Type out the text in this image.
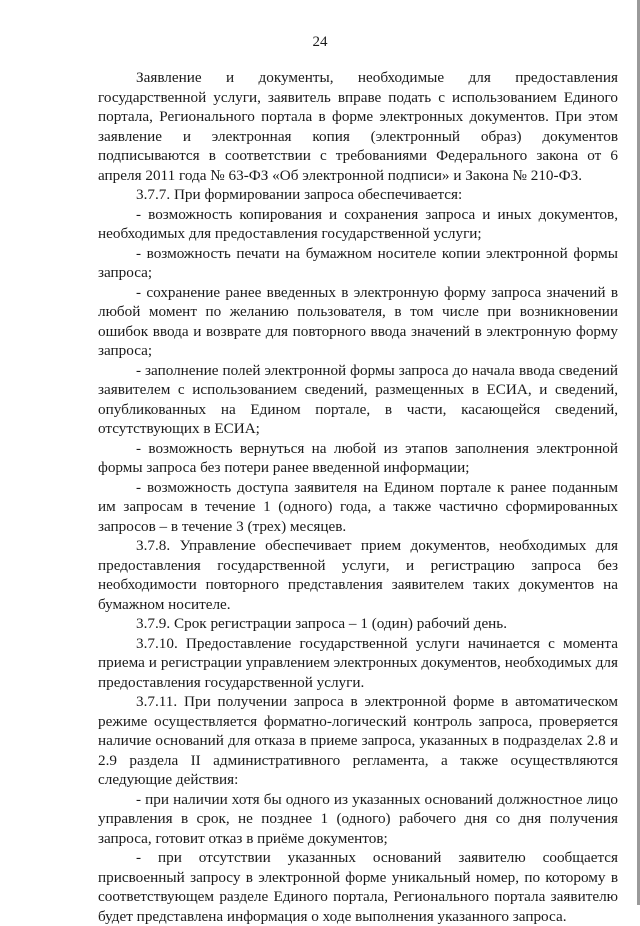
24

Заявление и документы, необходимые для предоставления государственной услуги, заявитель вправе подать с использованием Единого портала, Регионального портала в форме электронных документов. При этом заявление и электронная копия (электронный образ) документов подписываются в соответствии с требованиями Федерального закона от 6 апреля 2011 года № 63-ФЗ «Об электронной подписи» и Закона № 210-ФЗ.

3.7.7. При формировании запроса обеспечивается:

- возможность копирования и сохранения запроса и иных документов, необходимых для предоставления государственной услуги;

- возможность печати на бумажном носителе копии электронной формы запроса;

- сохранение ранее введенных в электронную форму запроса значений в любой момент по желанию пользователя, в том числе при возникновении ошибок ввода и возврате для повторного ввода значений в электронную форму запроса;

- заполнение полей электронной формы запроса до начала ввода сведений заявителем с использованием сведений, размещенных в ЕСИА, и сведений, опубликованных на Едином портале, в части, касающейся сведений, отсутствующих в ЕСИА;

- возможность вернуться на любой из этапов заполнения электронной формы запроса без потери ранее введенной информации;

- возможность доступа заявителя на Едином портале к ранее поданным им запросам в течение 1 (одного) года, а также частично сформированных запросов – в течение 3 (трех) месяцев.

3.7.8. Управление обеспечивает прием документов, необходимых для предоставления государственной услуги, и регистрацию запроса без необходимости повторного представления заявителем таких документов на бумажном носителе.

3.7.9. Срок регистрации запроса – 1 (один) рабочий день.

3.7.10. Предоставление государственной услуги начинается с момента приема и регистрации управлением электронных документов, необходимых для предоставления государственной услуги.

3.7.11. При получении запроса в электронной форме в автоматическом режиме осуществляется форматно-логический контроль запроса, проверяется наличие оснований для отказа в приеме запроса, указанных в подразделах 2.8 и 2.9 раздела II административного регламента, а также осуществляются следующие действия:

- при наличии хотя бы одного из указанных оснований должностное лицо управления в срок, не позднее 1 (одного) рабочего дня со дня получения запроса, готовит отказ в приёме документов;

- при отсутствии указанных оснований заявителю сообщается присвоенный запросу в электронной форме уникальный номер, по которому в соответствующем разделе Единого портала, Регионального портала заявителю будет представлена информация о ходе выполнения указанного запроса.
